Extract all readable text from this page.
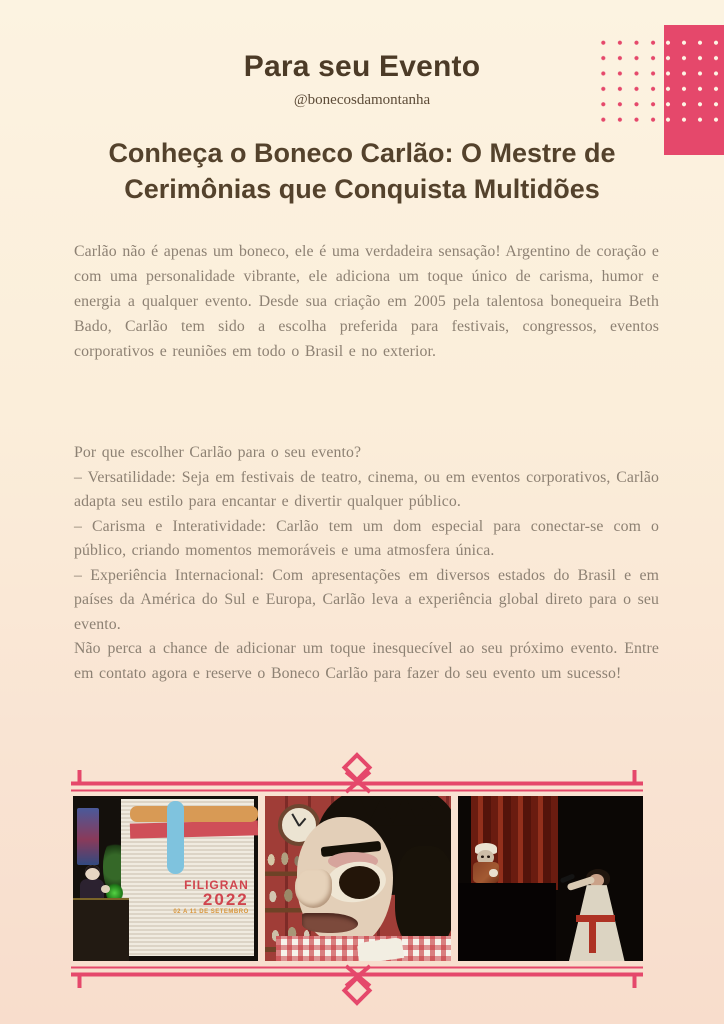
Para seu Evento
@bonecosdamontanha
Conheça o Boneco Carlão: O Mestre de Cerimônias que Conquista Multidões
Carlão não é apenas um boneco, ele é uma verdadeira sensação! Argentino de coração e com uma personalidade vibrante, ele adiciona um toque único de carisma, humor e energia a qualquer evento. Desde sua criação em 2005 pela talentosa bonequeira Beth Bado, Carlão tem sido a escolha preferida para festivais, congressos, eventos corporativos e reuniões em todo o Brasil e no exterior.

Por que escolher Carlão para o seu evento?

– Versatilidade: Seja em festivais de teatro, cinema, ou em eventos corporativos, Carlão adapta seu estilo para encantar e divertir qualquer público.

– Carisma e Interatividade: Carlão tem um dom especial para conectar-se com o público, criando momentos memoráveis e uma atmosfera única.

– Experiência Internacional: Com apresentações em diversos estados do Brasil e em países da América do Sul e Europa, Carlão leva a experiência global direto para o seu evento.

Não perca a chance de adicionar um toque inesquecível ao seu próximo evento. Entre em contato agora e reserve o Boneco Carlão para fazer do seu evento um sucesso!

FILIGRAN
2022
02 A 11 DE SETEMBRO
